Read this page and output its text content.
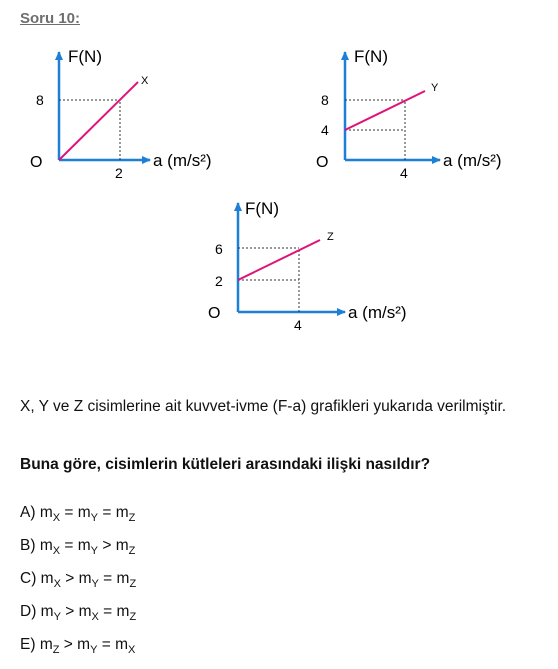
Soru 10:
F(N)
a (m/s²)
O
2
8
X
F(N)
a (m/s²)
O
4
8
4
Y
F(N)
a (m/s²)
O
4
6
2
Z
X, Y ve Z cisimlerine ait kuvvet-ivme (F-a) grafikleri yukarıda verilmiştir.
Buna göre, cisimlerin kütleleri arasındaki ilişki nasıldır?
A) $m_X = m_Y = m_Z$
B) $m_X = m_Y > m_Z$
C) $m_X > m_Y = m_Z$
D) $m_Y > m_X = m_Z$
E) $m_Z > m_Y = m_X$
